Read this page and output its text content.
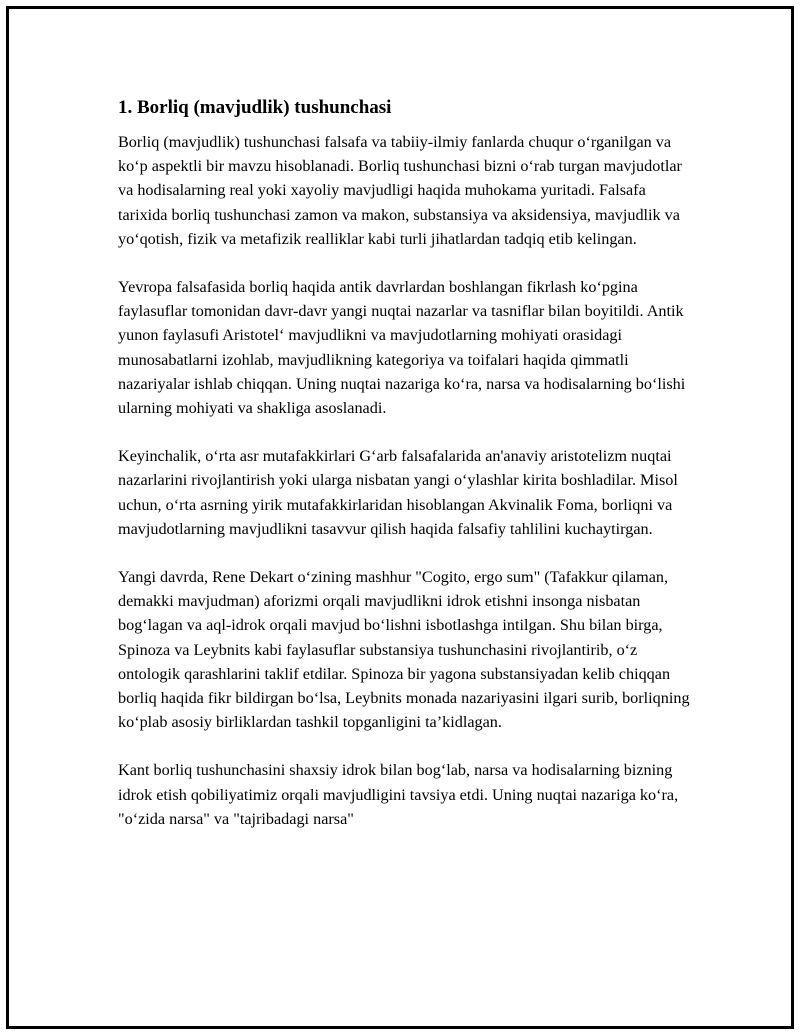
1. Borliq (mavjudlik) tushunchasi

Borliq (mavjudlik) tushunchasi falsafa va tabiiy-ilmiy fanlarda chuqur o‘rganilgan va ko‘p aspektli bir mavzu hisoblanadi. Borliq tushunchasi bizni o‘rab turgan mavjudotlar va hodisalarning real yoki xayoliy mavjudligi haqida muhokama yuritadi. Falsafa tarixida borliq tushunchasi zamon va makon, substansiya va aksidensiya, mavjudlik va yo‘qotish, fizik va metafizik realliklar kabi turli jihatlardan tadqiq etib kelingan.

Yevropa falsafasida borliq haqida antik davrlardan boshlangan fikrlash ko‘pgina faylasuflar tomonidan davr-davr yangi nuqtai nazarlar va tasniflar bilan boyitildi. Antik yunon faylasufi Aristotel‘ mavjudlikni va mavjudotlarning mohiyati orasidagi munosabatlarni izohlab, mavjudlikning kategoriya va toifalari haqida qimmatli nazariyalar ishlab chiqqan. Uning nuqtai nazariga ko‘ra, narsa va hodisalarning bo‘lishi ularning mohiyati va shakliga asoslanadi.

Keyinchalik, o‘rta asr mutafakkirlari G‘arb falsafalarida an'anaviy aristotelizm nuqtai nazarlarini rivojlantirish yoki ularga nisbatan yangi o‘ylashlar kirita boshladilar. Misol uchun, o‘rta asrning yirik mutafakkirlaridan hisoblangan Akvinalik Foma, borliqni va mavjudotlarning mavjudlikni tasavvur qilish haqida falsafiy tahlilini kuchaytirgan.

Yangi davrda, Rene Dekart o‘zining mashhur "Cogito, ergo sum" (Tafakkur qilaman, demakki mavjudman) aforizmi orqali mavjudlikni idrok etishni insonga nisbatan bog‘lagan va aql-idrok orqali mavjud bo‘lishni isbotlashga intilgan. Shu bilan birga, Spinoza va Leybnits kabi faylasuflar substansiya tushunchasini rivojlantirib, o‘z ontologik qarashlarini taklif etdilar. Spinoza bir yagona substansiyadan kelib chiqqan borliq haqida fikr bildirgan bo‘lsa, Leybnits monada nazariyasini ilgari surib, borliqning ko‘plab asosiy birliklardan tashkil topganligini ta’kidlagan.

Kant borliq tushunchasini shaxsiy idrok bilan bog‘lab, narsa va hodisalarning bizning idrok etish qobiliyatimiz orqali mavjudligini tavsiya etdi. Uning nuqtai nazariga ko‘ra, "o‘zida narsa" va "tajribadagi narsa"
